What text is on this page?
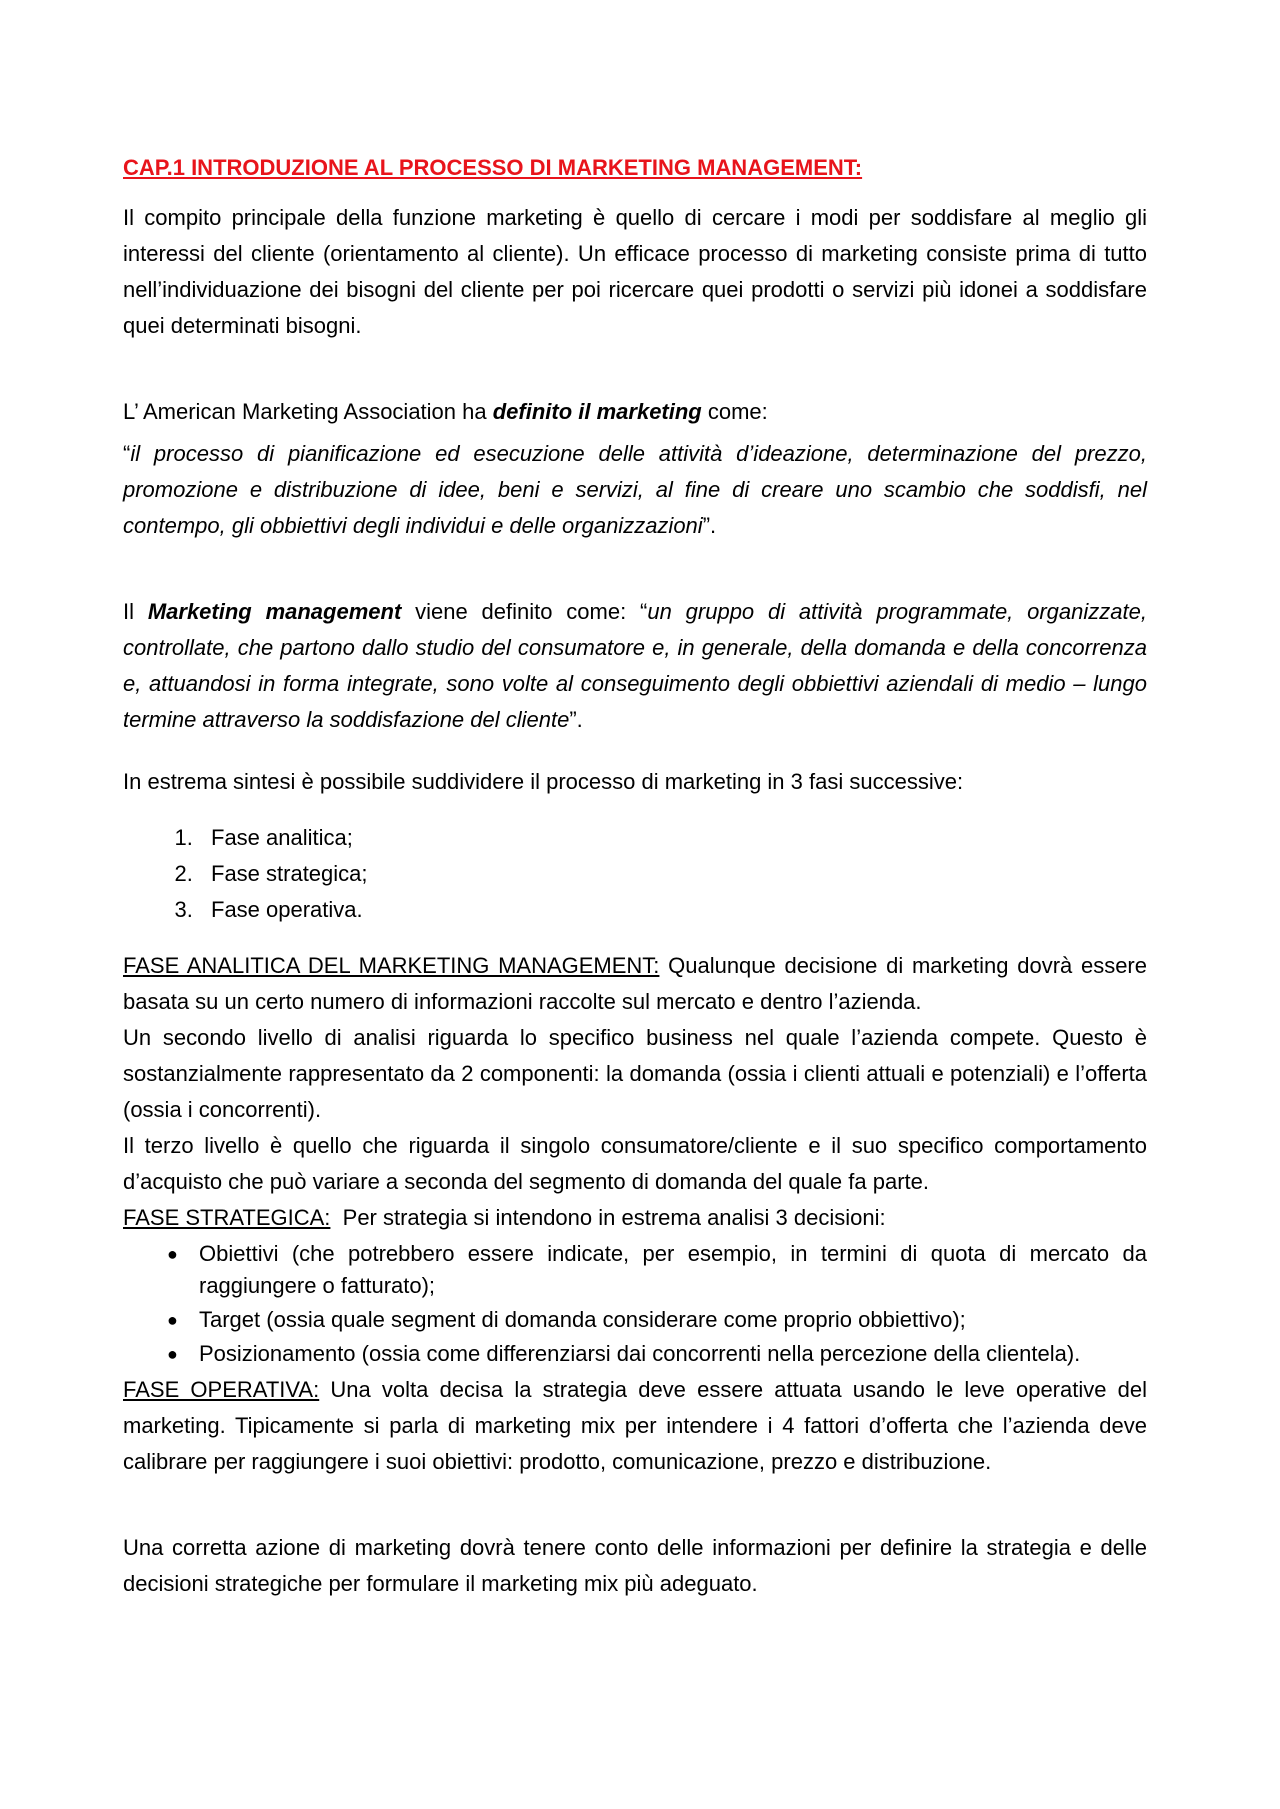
CAP.1 INTRODUZIONE AL PROCESSO DI MARKETING MANAGEMENT:

Il compito principale della funzione marketing è quello di cercare i modi per soddisfare al meglio gli interessi del cliente (orientamento al cliente). Un efficace processo di marketing consiste prima di tutto nell’individuazione dei bisogni del cliente per poi ricercare quei prodotti o servizi più idonei a soddisfare quei determinati bisogni.

L’ American Marketing Association ha definito il marketing come:

“il processo di pianificazione ed esecuzione delle attività d’ideazione, determinazione del prezzo, promozione e distribuzione di idee, beni e servizi, al fine di creare uno scambio che soddisfi, nel contempo, gli obbiettivi degli individui e delle organizzazioni”.

Il Marketing management viene definito come: “un gruppo di attività programmate, organizzate, controllate, che partono dallo studio del consumatore e, in generale, della domanda e della concorrenza e, attuandosi in forma integrate, sono volte al conseguimento degli obbiettivi aziendali di medio – lungo termine attraverso la soddisfazione del cliente”.

In estrema sintesi è possibile suddividere il processo di marketing in 3 fasi successive:

1. Fase analitica;
2. Fase strategica;
3. Fase operativa.

FASE ANALITICA DEL MARKETING MANAGEMENT: Qualunque decisione di marketing dovrà essere basata su un certo numero di informazioni raccolte sul mercato e dentro l’azienda.

Un secondo livello di analisi riguarda lo specifico business nel quale l’azienda compete. Questo è sostanzialmente rappresentato da 2 componenti: la domanda (ossia i clienti attuali e potenziali) e l’offerta (ossia i concorrenti).

Il terzo livello è quello che riguarda il singolo consumatore/cliente e il suo specifico comportamento d’acquisto che può variare a seconda del segmento di domanda del quale fa parte.

FASE STRATEGICA:  Per strategia si intendono in estrema analisi 3 decisioni:

● Obiettivi (che potrebbero essere indicate, per esempio, in termini di quota di mercato da raggiungere o fatturato);
● Target (ossia quale segment di domanda considerare come proprio obbiettivo);
● Posizionamento (ossia come differenziarsi dai concorrenti nella percezione della clientela).

FASE OPERATIVA: Una volta decisa la strategia deve essere attuata usando le leve operative del marketing. Tipicamente si parla di marketing mix per intendere i 4 fattori d’offerta che l’azienda deve calibrare per raggiungere i suoi obiettivi: prodotto, comunicazione, prezzo e distribuzione.

Una corretta azione di marketing dovrà tenere conto delle informazioni per definire la strategia e delle decisioni strategiche per formulare il marketing mix più adeguato.
